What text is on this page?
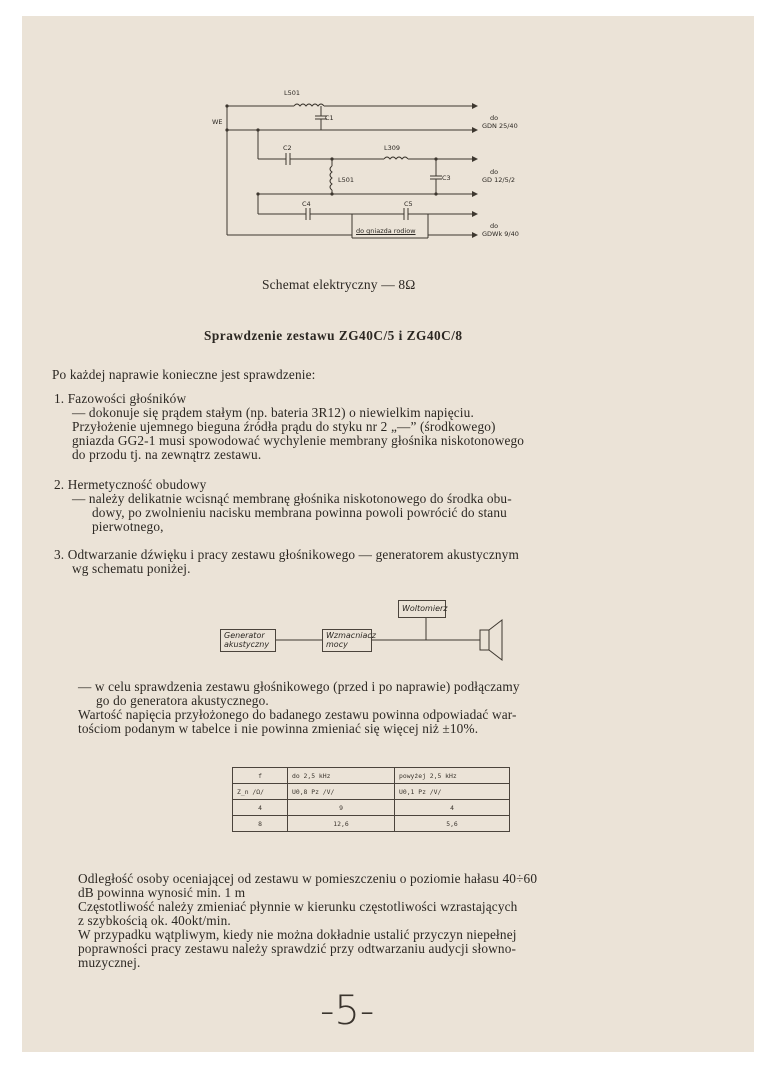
WE
L501
C1
C2	L309
L501	C3
C4	C5
do
GDN 25/40
do
GD 12/5/2
do
GDWk 9/40
do gniazda rodiow
Schemat elektryczny — 8Ω
Sprawdzenie zestawu ZG40C/5 i ZG40C/8
Po każdej naprawie konieczne jest sprawdzenie:
1. Fazowości głośników
— dokonuje się prądem stałym (np. bateria 3R12) o niewielkim napięciu.
Przyłożenie ujemnego bieguna źródła prądu do styku nr 2 „—” (środkowego)
gniazda GG2-1 musi spowodować wychylenie membrany głośnika niskotonowego
do przodu tj. na zewnątrz zestawu.
2. Hermetyczność obudowy
— należy delikatnie wcisnąć membranę głośnika niskotonowego do środka obu-
dowy, po zwolnieniu nacisku membrana powinna powoli powrócić do stanu
pierwotnego,
3. Odtwarzanie dźwięku i pracy zestawu głośnikowego — generatorem akustycznym
wg schematu poniżej.
Woltomierz
Generator
akustyczny
Wzmacniacz
mocy
— w celu sprawdzenia zestawu głośnikowego (przed i po naprawie) podłączamy
go do generatora akustycznego.
Wartość napięcia przyłożonego do badanego zestawu powinna odpowiadać war-
tościom podanym w tabelce i nie powinna zmieniać się więcej niż ±10%.
f	do 2,5 kHz	powyżej 2,5 kHz
Z_n /Ω/	U0,8 Pz /V/	U0,1 Pz /V/
4	9	4
8	12,6	5,6
Odległość osoby oceniającej od zestawu w pomieszczeniu o poziomie hałasu 40÷60
dB powinna wynosić min. 1 m
Częstotliwość należy zmieniać płynnie w kierunku częstotliwości wzrastających
z szybkością ok. 40okt/min.
W przypadku wątpliwym, kiedy nie można dokładnie ustalić przyczyn niepełnej
poprawności pracy zestawu należy sprawdzić przy odtwarzaniu audycji słowno-
muzycznej.
-5-
